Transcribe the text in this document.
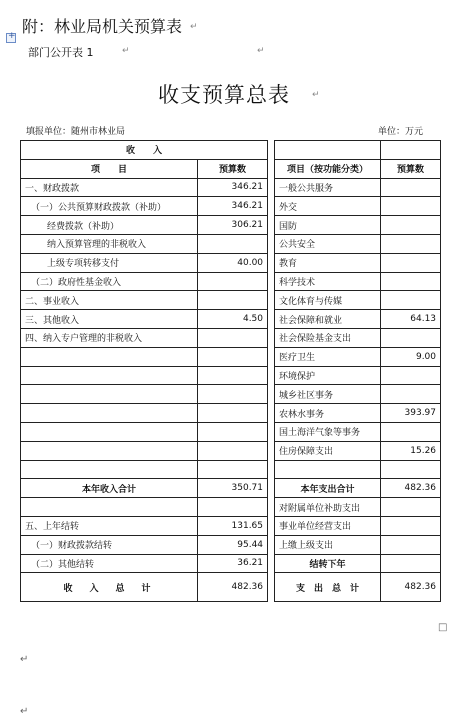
+
附：林业局机关预算表 ↵
部门公开表 1	↵	↵
收支预算总表 ↵
填报单位：随州市林业局	单位：万元
收　　入				
项　　目	预算数		项目（按功能分类）	预算数
一、财政拨款	346.21		一般公共服务	
（一）公共预算财政拨款（补助）	346.21		外交	
经费拨款（补助）	306.21		国防	
纳入预算管理的非税收入			公共安全	
上级专项转移支付	40.00		教育	
（二）政府性基金收入			科学技术	
二、事业收入			文化体育与传媒	
三、其他收入	4.50		社会保障和就业	64.13
四、纳入专户管理的非税收入			社会保险基金支出	
			医疗卫生	9.00
			环境保护	
			城乡社区事务	
			农林水事务	393.97
			国土海洋气象等事务	
			住房保障支出	15.26

本年收入合计	350.71		本年支出合计	482.36
			对附属单位补助支出	
五、上年结转	131.65		事业单位经营支出	
（一）财政拨款结转	95.44		上缴上级支出	
（二）其他结转	36.21		结转下年	
收　入　总　计	482.36		支　出　总　计	482.36
□
↵
↵
